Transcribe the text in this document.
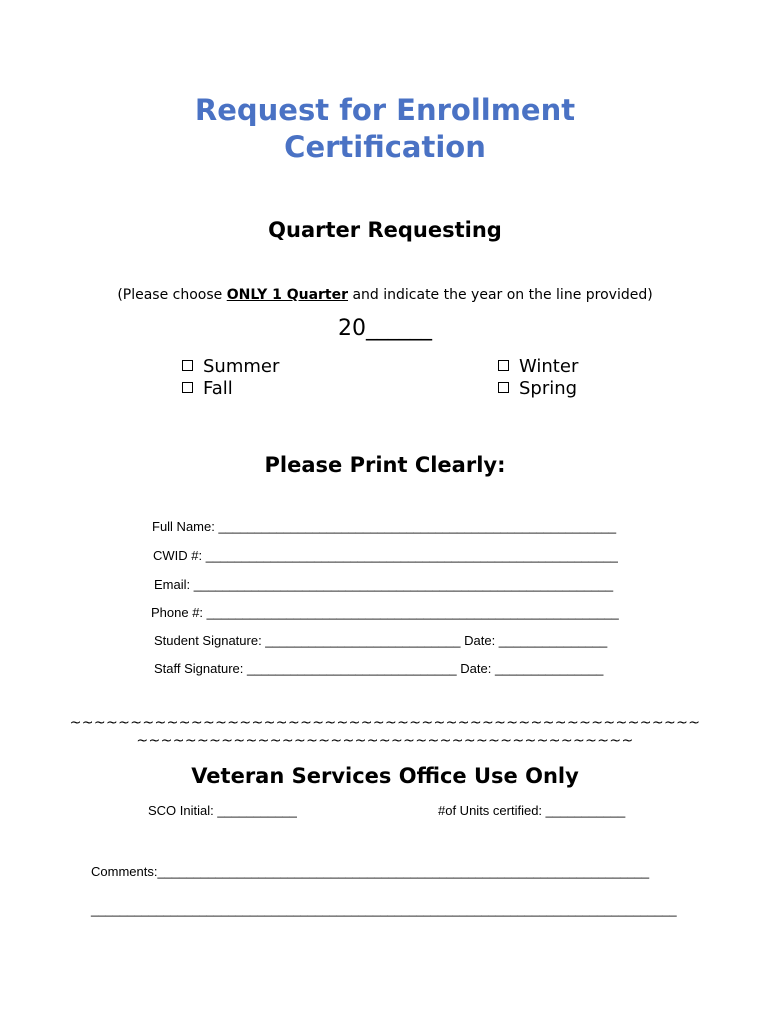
Request for Enrollment
Certification
Quarter Requesting
(Please choose ONLY 1 Quarter and indicate the year on the line provided)
20______
Summer
Fall
Winter
Spring
Please Print Clearly:
Full Name: _______________________________________________________
CWID #: _________________________________________________________
Email: __________________________________________________________
Phone #: _________________________________________________________
Student Signature: ___________________________ Date: _______________
Staff Signature: _____________________________ Date: _______________
~~~~~~~~~~~~~~~~~~~~~~~~~~~~~~~~~~~~~~~~~~~~~~~~~~~~
~~~~~~~~~~~~~~~~~~~~~~~~~~~~~~~~~~~~~~~~~
Veteran Services Office Use Only
SCO Initial: ___________	#of Units certified: ___________
Comments:____________________________________________________________________
_________________________________________________________________________________
